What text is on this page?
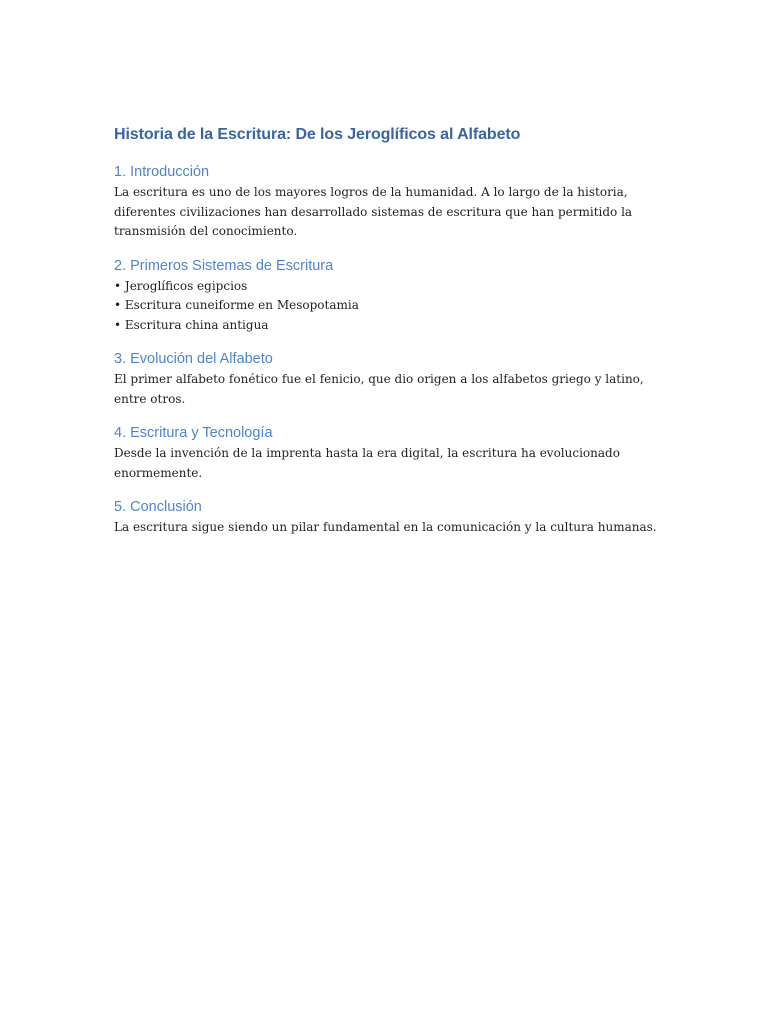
Historia de la Escritura: De los Jeroglíficos al Alfabeto
1. Introducción

La escritura es uno de los mayores logros de la humanidad. A lo largo de la historia, diferentes civilizaciones han desarrollado sistemas de escritura que han permitido la transmisión del conocimiento.

2. Primeros Sistemas de Escritura
• Jeroglíficos egipcios
• Escritura cuneiforme en Mesopotamia
• Escritura china antigua
3. Evolución del Alfabeto

El primer alfabeto fonético fue el fenicio, que dio origen a los alfabetos griego y latino, entre otros.

4. Escritura y Tecnología

Desde la invención de la imprenta hasta la era digital, la escritura ha evolucionado enormemente.

5. Conclusión

La escritura sigue siendo un pilar fundamental en la comunicación y la cultura humanas.
